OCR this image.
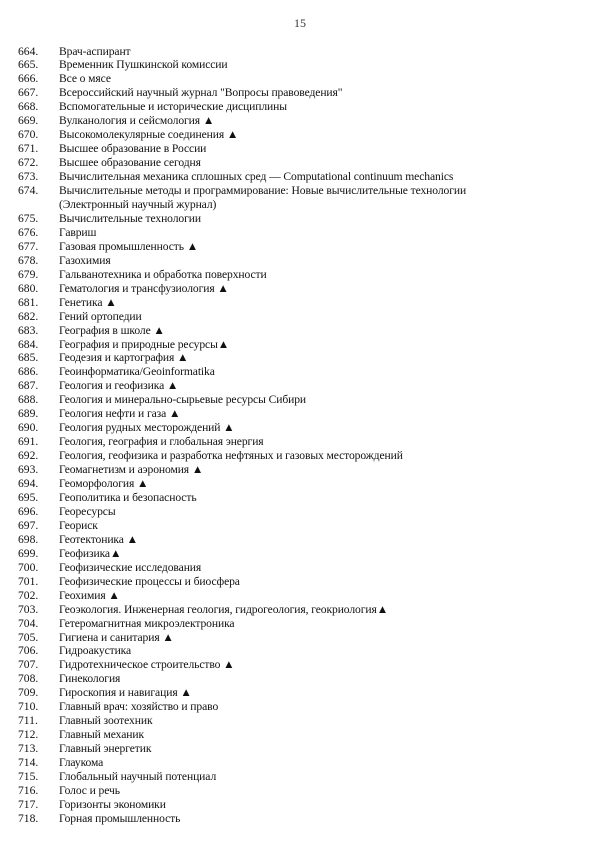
15
664.	Врач-аспирант
665.	Временник Пушкинской комиссии
666.	Все о мясе
667.	Всероссийский научный журнал "Вопросы правоведения"
668.	Вспомогательные и исторические дисциплины
669.	Вулканология и сейсмология ▲
670.	Высокомолекулярные соединения ▲
671.	Высшее образование в России
672.	Высшее образование сегодня
673.	Вычислительная механика сплошных сред — Computational continuum mechanics
674.	Вычислительные методы и программирование: Новые вычислительные технологии
(Электронный научный журнал)
675.	Вычислительные технологии
676.	Гавриш
677.	Газовая промышленность ▲
678.	Газохимия
679.	Гальванотехника и обработка поверхности
680.	Гематология и трансфузиология ▲
681.	Генетика ▲
682.	Гений ортопедии
683.	География в школе ▲
684.	География и природные ресурсы▲
685.	Геодезия и картография ▲
686.	Геоинформатика/Geoinformatika
687.	Геология и геофизика ▲
688.	Геология и минерально-сырьевые ресурсы Сибири
689.	Геология нефти и газа ▲
690.	Геология рудных месторождений ▲
691.	Геология, география и глобальная энергия
692.	Геология, геофизика и разработка нефтяных и газовых месторождений
693.	Геомагнетизм и аэрономия ▲
694.	Геоморфология ▲
695.	Геополитика и безопасность
696.	Георесурсы
697.	Геориск
698.	Геотектоника ▲
699.	Геофизика▲
700.	Геофизические исследования
701.	Геофизические процессы и биосфера
702.	Геохимия ▲
703.	Геоэкология. Инженерная геология, гидрогеология, геокриология▲
704.	Гетеромагнитная микроэлектроника
705.	Гигиена и санитария ▲
706.	Гидроакустика
707.	Гидротехническое строительство ▲
708.	Гинекология
709.	Гироскопия и навигация ▲
710.	Главный врач: хозяйство и право
711.	Главный зоотехник
712.	Главный механик
713.	Главный энергетик
714.	Глаукома
715.	Глобальный научный потенциал
716.	Голос и речь
717.	Горизонты экономики
718.	Горная промышленность
